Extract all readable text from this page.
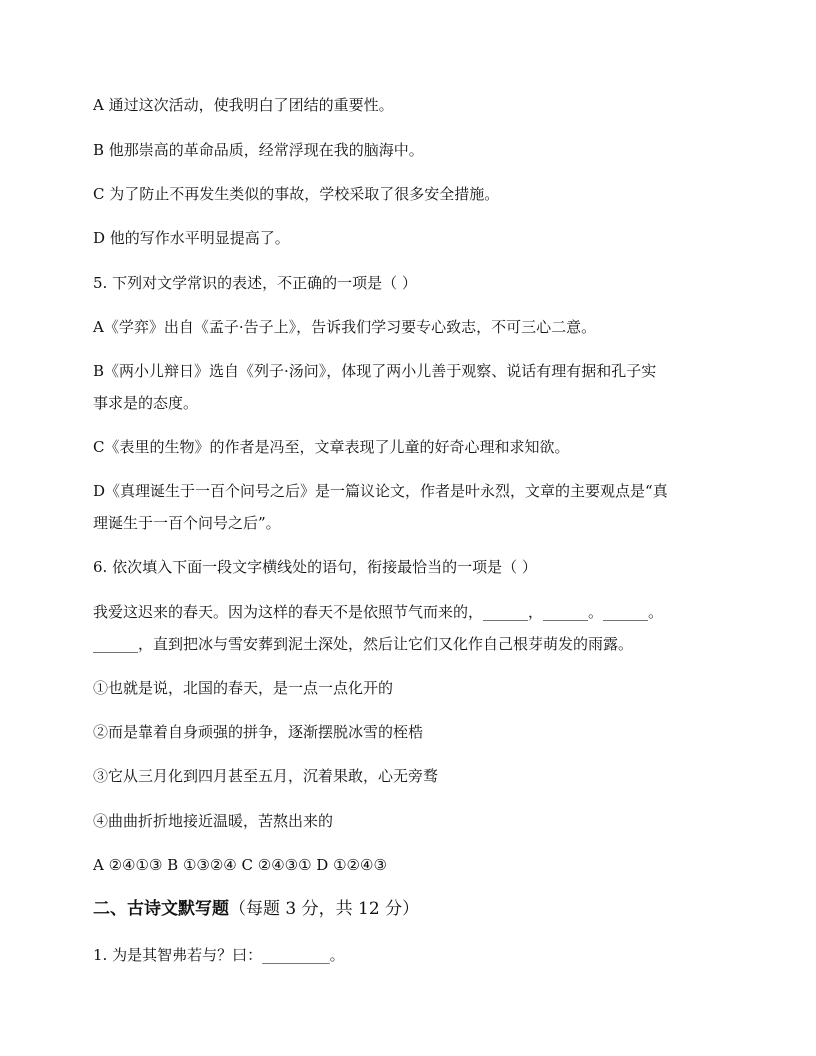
A 通过这次活动，使我明白了团结的重要性。
B 他那崇高的革命品质，经常浮现在我的脑海中。
C 为了防止不再发生类似的事故，学校采取了很多安全措施。
D 他的写作水平明显提高了。
5. 下列对文学常识的表述，不正确的一项是（ ）
A《学弈》出自《孟子·告子上》，告诉我们学习要专心致志，不可三心二意。
B《两小儿辩日》选自《列子·汤问》，体现了两小儿善于观察、说话有理有据和孔子实
事求是的态度。
C《表里的生物》的作者是冯至，文章表现了儿童的好奇心理和求知欲。
D《真理诞生于一百个问号之后》是一篇议论文，作者是叶永烈，文章的主要观点是“真
理诞生于一百个问号之后”。
6. 依次填入下面一段文字横线处的语句，衔接最恰当的一项是（ ）
我爱这迟来的春天。因为这样的春天不是依照节气而来的，______，______。______。
______，直到把冰与雪安葬到泥土深处，然后让它们又化作自己根芽萌发的雨露。
①也就是说，北国的春天，是一点一点化开的
②而是靠着自身顽强的拼争，逐渐摆脱冰雪的桎梏
③它从三月化到四月甚至五月，沉着果敢，心无旁骛
④曲曲折折地接近温暖，苦熬出来的
A ②④①③ B ①③②④ C ②④③① D ①②④③
二、古诗文默写题（每题 3 分，共 12 分）
1. 为是其智弗若与？曰：_________。
